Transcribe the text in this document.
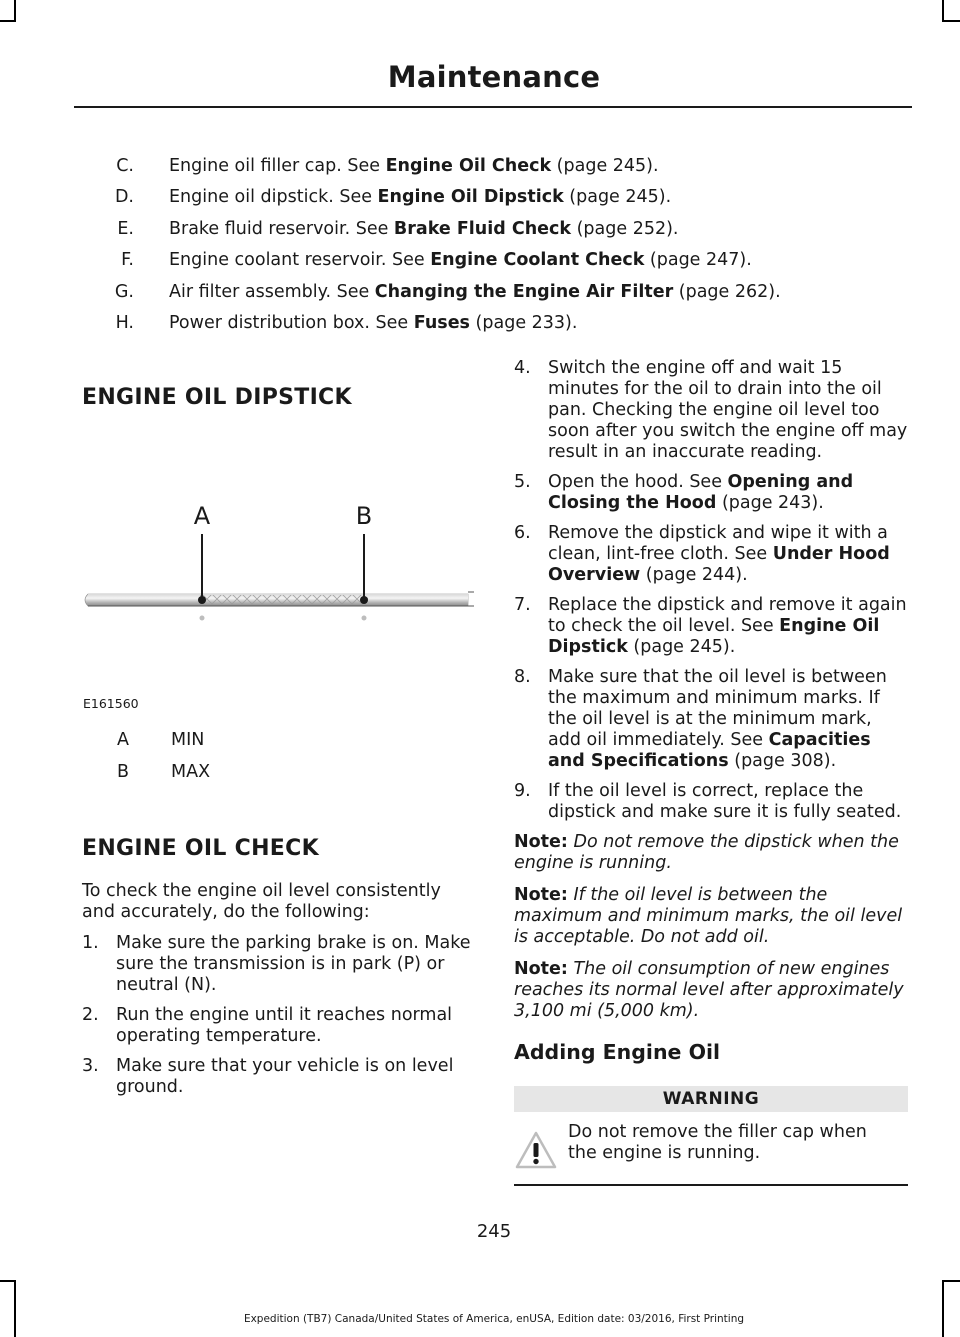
Maintenance
C. Engine oil filler cap. See Engine Oil Check (page 245).
D. Engine oil dipstick. See Engine Oil Dipstick (page 245).
E. Brake fluid reservoir. See Brake Fluid Check (page 252).
F. Engine coolant reservoir. See Engine Coolant Check (page 247).
G. Air filter assembly. See Changing the Engine Air Filter (page 262).
H. Power distribution box. See Fuses (page 233).
ENGINE OIL DIPSTICK
A	B
E161560
A MIN
B MAX
ENGINE OIL CHECK

To check the engine oil level consistently and accurately, do the following:

1. Make sure the parking brake is on. Make sure the transmission is in park (P) or neutral (N).
2. Run the engine until it reaches normal operating temperature.
3. Make sure that your vehicle is on level ground.
4. Switch the engine off and wait 15 minutes for the oil to drain into the oil pan. Checking the engine oil level too soon after you switch the engine off may result in an inaccurate reading.
5. Open the hood. See Opening and Closing the Hood (page 243).
6. Remove the dipstick and wipe it with a clean, lint-free cloth. See Under Hood Overview (page 244).
7. Replace the dipstick and remove it again to check the oil level. See Engine Oil Dipstick (page 245).
8. Make sure that the oil level is between the maximum and minimum marks. If the oil level is at the minimum mark, add oil immediately. See Capacities and Specifications (page 308).
9. If the oil level is correct, replace the dipstick and make sure it is fully seated.
Note: Do not remove the dipstick when the engine is running.
Note: If the oil level is between the maximum and minimum marks, the oil level is acceptable. Do not add oil.
Note: The oil consumption of new engines reaches its normal level after approximately 3,100 mi (5,000 km).
Adding Engine Oil
WARNING
Do not remove the filler cap when the engine is running.
245
Expedition (TB7) Canada/United States of America, enUSA, Edition date: 03/2016, First Printing
